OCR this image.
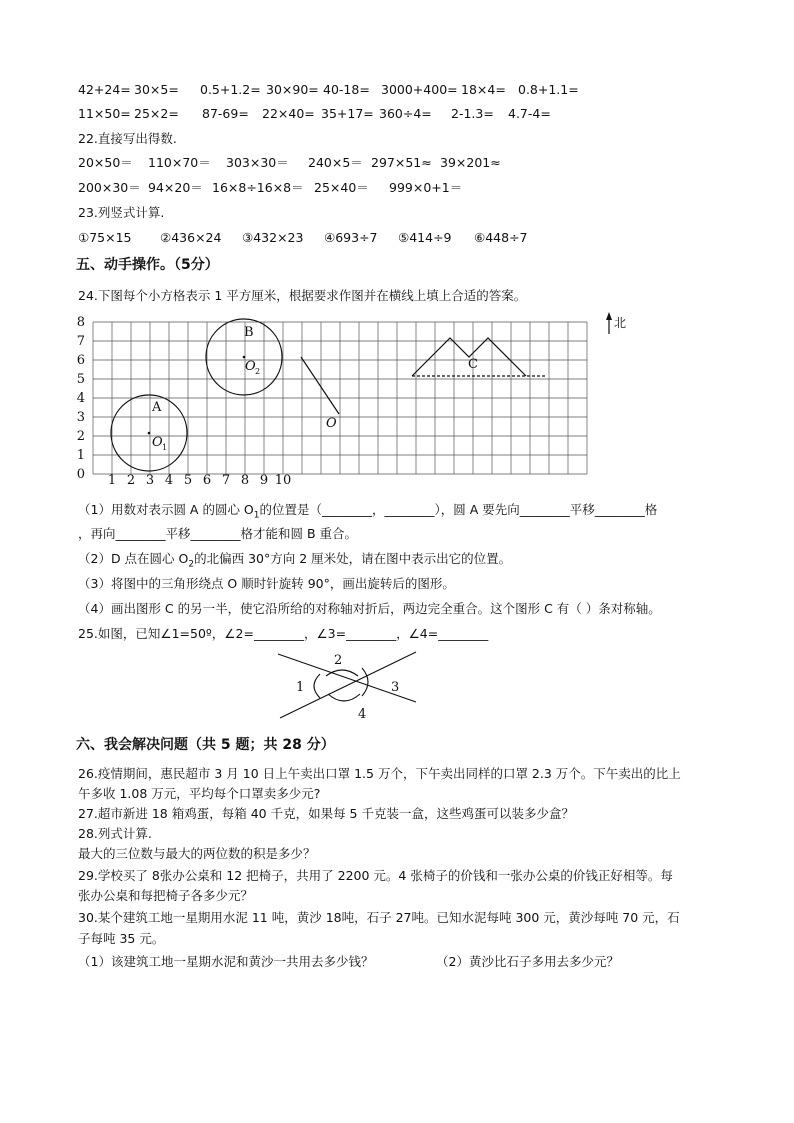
42+24= 30×5= 0.5+1.2= 30×90= 40-18= 3000+400= 18×4= 0.8+1.1=
11×50= 25×2= 87-69= 22×40= 35+17= 360÷4= 2-1.3= 4.7-4=
22.直接写出得数.
20×50＝ 110×70＝ 303×30＝ 240×5＝ 297×51≈ 39×201≈
200×30＝ 94×20＝ 16×8÷16×8＝ 25×40＝ 999×0+1＝
23.列竖式计算.
①75×15 ②436×24 ③432×23 ④693÷7 ⑤414÷9 ⑥448÷7
五、动手操作。（5分）
24.下图每个小方格表示 1 平方厘米，根据要求作图并在横线上填上合适的答案。
8
7
6
5
4
3
2
1
0 1 2 3 4 5 6 7 8 9 10
A
O 1
B
O 2
O
C
北
（1）用数对表示圆 A 的圆心 $O_1$的位置是（________，________），圆 A 要先向________平移________格
，再向________平移________格才能和圆 B 重合。
（2）D 点在圆心 $O_2$的北偏西 30°方向 2 厘米处，请在图中表示出它的位置。
（3）将图中的三角形绕点 O 顺时针旋转 90°，画出旋转后的图形。
（4）画出图形 C 的另一半，使它沿所给的对称轴对折后，两边完全重合。这个图形 C 有（ ）条对称轴。
25.如图，已知∠1=50º，∠2=________，∠3=________，∠4=________
1
2
3
4
六、我会解决问题（共 5 题；共 28 分）
26.疫情期间，惠民超市 3 月 10 日上午卖出口罩 1.5 万个，下午卖出同样的口罩 2.3 万个。下午卖出的比上
午多收 1.08 万元，平均每个口罩卖多少元?
27.超市新进 18 箱鸡蛋，每箱 40 千克，如果每 5 千克装一盒，这些鸡蛋可以装多少盒？
28.列式计算.
最大的三位数与最大的两位数的积是多少？
29.学校买了 8张办公桌和 12 把椅子，共用了 2200 元。4 张椅子的价钱和一张办公桌的价钱正好相等。每
张办公桌和每把椅子各多少元？
30.某个建筑工地一星期用水泥 11 吨，黄沙 18吨，石子 27吨。已知水泥每吨 300 元，黄沙每吨 70 元，石
子每吨 35 元。
（1）该建筑工地一星期水泥和黄沙一共用去多少钱？	（2）黄沙比石子多用去多少元？
